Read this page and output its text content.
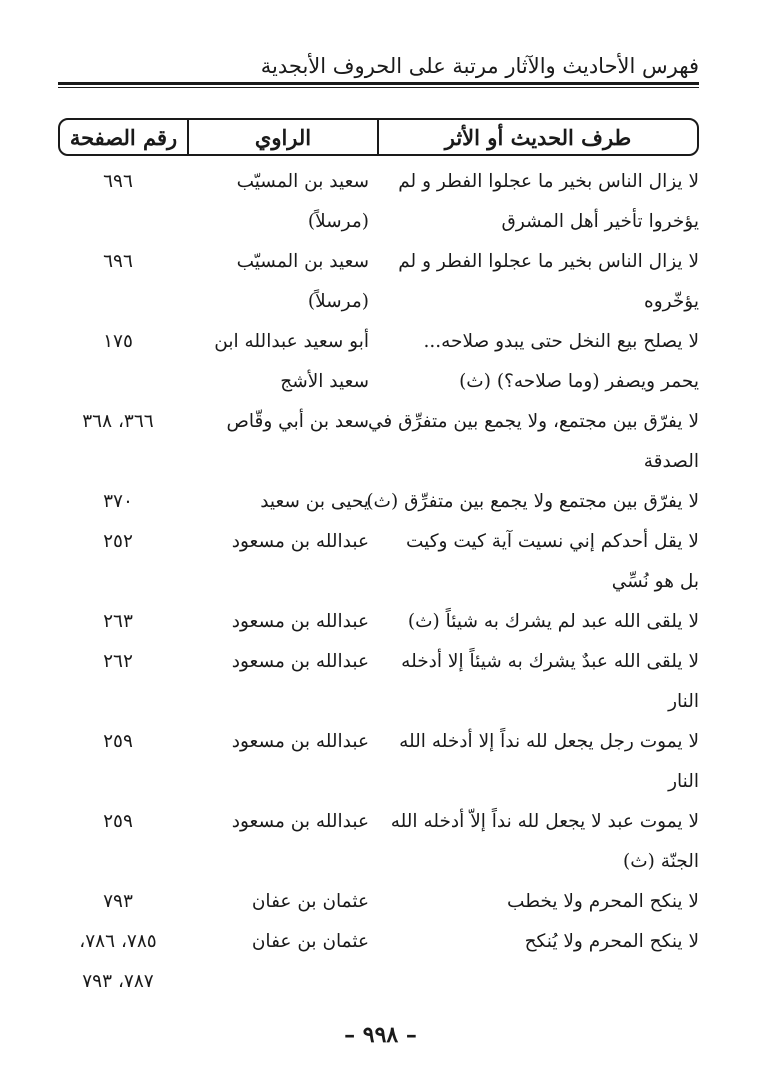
فهرس الأحاديث والآثار مرتبة على الحروف الأبجدية
طرف الحديث أو الأثر
الراوي
رقم الصفحة
لا يزال الناس بخير ما عجلوا الفطر و لم
سعيد بن المسيّب
٦٩٦
يؤخروا تأخير أهل المشرق
(مرسلاً)
لا يزال الناس بخير ما عجلوا الفطر و لم
سعيد بن المسيّب
٦٩٦
يؤخّروه
(مرسلاً)
لا يصلح بيع النخل حتى يبدو صلاحه...
أبو سعيد عبدالله ابن
١٧٥
يحمر ويصفر (وما صلاحه؟) (ث)
سعيد الأشج
لا يفرّق بين مجتمع، ولا يجمع بين متفرِّق في
سعد بن أبي وقّاص
٣٦٦، ٣٦٨
الصدقة
لا يفرّق بين مجتمع ولا يجمع بين متفرِّق (ث)
يحيى بن سعيد
٣٧٠
لا يقل أحدكم إني نسيت آية كيت وكيت
عبدالله بن مسعود
٢٥٢
بل هو نُسِّي
لا يلقى الله عبد لم يشرك به شيئاً (ث)
عبدالله بن مسعود
٢٦٣
لا يلقى الله عبدٌ يشرك به شيئاً إلا أدخله
عبدالله بن مسعود
٢٦٢
النار
لا يموت رجل يجعل لله نداً إلا أدخله الله
عبدالله بن مسعود
٢٥٩
النار
لا يموت عبد لا يجعل لله نداً إلاّ أدخله الله
عبدالله بن مسعود
٢٥٩
الجنّة (ث)
لا ينكح المحرم ولا يخطب
عثمان بن عفان
٧٩٣
لا ينكح المحرم ولا يُنكح
عثمان بن عفان
٧٨٥، ٧٨٦،
٧٨٧، ٧٩٣
– ٩٩٨ –
